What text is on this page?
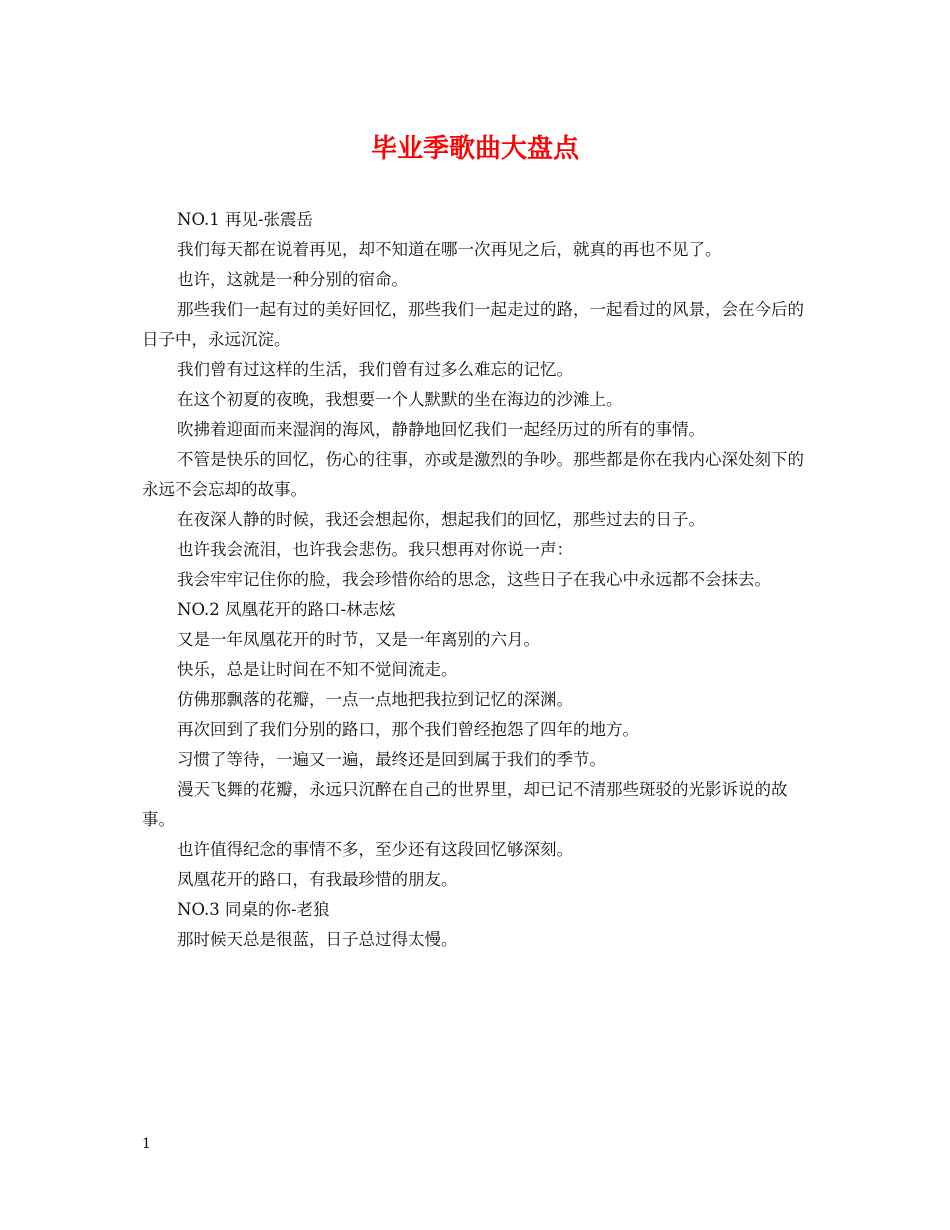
毕业季歌曲大盘点

NO.1 再见-张震岳

我们每天都在说着再见，却不知道在哪一次再见之后，就真的再也不见了。

也许，这就是一种分别的宿命。

那些我们一起有过的美好回忆，那些我们一起走过的路，一起看过的风景，会在今后的日子中，永远沉淀。

我们曾有过这样的生活，我们曾有过多么难忘的记忆。

在这个初夏的夜晚，我想要一个人默默的坐在海边的沙滩上。

吹拂着迎面而来湿润的海风，静静地回忆我们一起经历过的所有的事情。

不管是快乐的回忆，伤心的往事，亦或是激烈的争吵。那些都是你在我内心深处刻下的永远不会忘却的故事。

在夜深人静的时候，我还会想起你，想起我们的回忆，那些过去的日子。

也许我会流泪，也许我会悲伤。我只想再对你说一声：

我会牢牢记住你的脸，我会珍惜你给的思念，这些日子在我心中永远都不会抹去。

NO.2 凤凰花开的路口-林志炫

又是一年凤凰花开的时节，又是一年离别的六月。

快乐，总是让时间在不知不觉间流走。

仿佛那飘落的花瓣，一点一点地把我拉到记忆的深渊。

再次回到了我们分别的路口，那个我们曾经抱怨了四年的地方。

习惯了等待，一遍又一遍，最终还是回到属于我们的季节。

漫天飞舞的花瓣，永远只沉醉在自己的世界里，却已记不清那些斑驳的光影诉说的故事。

也许值得纪念的事情不多，至少还有这段回忆够深刻。

凤凰花开的路口，有我最珍惜的朋友。

NO.3 同桌的你-老狼

那时候天总是很蓝，日子总过得太慢。

1
